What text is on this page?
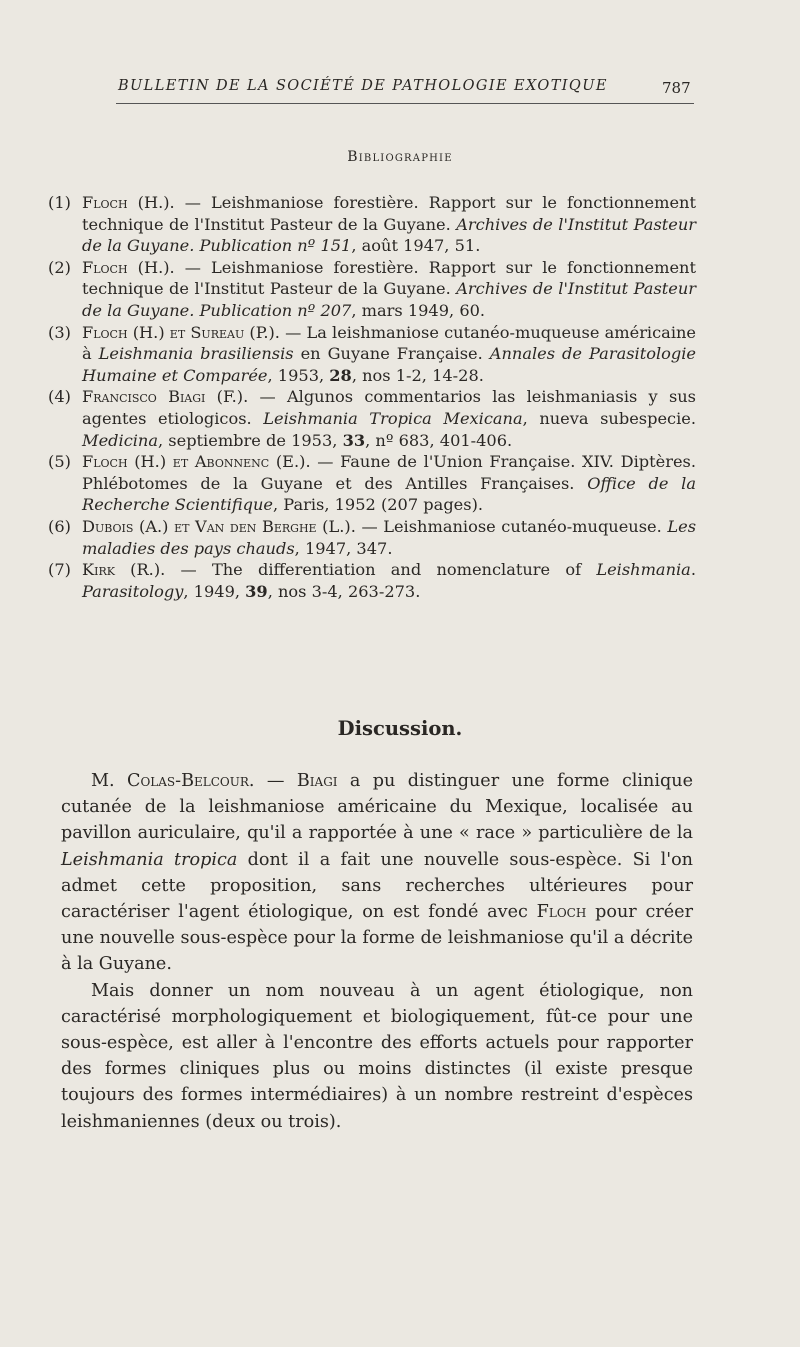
BULLETIN DE LA SOCIÉTÉ DE PATHOLOGIE EXOTIQUE	787
Bibliographie
(1) Floch (H.). — Leishmaniose forestière. Rapport sur le fonctionnement technique de l'Institut Pasteur de la Guyane. Archives de l'Institut Pasteur de la Guyane. Publication nº 151, août 1947, 51.
(2) Floch (H.). — Leishmaniose forestière. Rapport sur le fonctionnement technique de l'Institut Pasteur de la Guyane. Archives de l'Institut Pasteur de la Guyane. Publication nº 207, mars 1949, 60.
(3) Floch (H.) et Sureau (P.). — La leishmaniose cutanéo-muqueuse américaine à Leishmania brasiliensis en Guyane Française. Annales de Parasitologie Humaine et Comparée, 1953, 28, nos 1-2, 14-28.
(4) Francisco Biagi (F.). — Algunos commentarios las leishmaniasis y sus agentes etiologicos. Leishmania Tropica Mexicana, nueva subespecie. Medicina, septiembre de 1953, 33, nº 683, 401-406.
(5) Floch (H.) et Abonnenc (E.). — Faune de l'Union Française. XIV. Diptères. Phlébotomes de la Guyane et des Antilles Françaises. Office de la Recherche Scientifique, Paris, 1952 (207 pages).
(6) Dubois (A.) et Van den Berghe (L.). — Leishmaniose cutanéo-muqueuse. Les maladies des pays chauds, 1947, 347.
(7) Kirk (R.). — The differentiation and nomenclature of Leishmania. Parasitology, 1949, 39, nos 3-4, 263-273.
Discussion.

M. Colas-Belcour. — Biagi a pu distinguer une forme clinique cutanée de la leishmaniose américaine du Mexique, localisée au pavillon auriculaire, qu'il a rapportée à une « race » particulière de la Leishmania tropica dont il a fait une nouvelle sous-espèce. Si l'on admet cette proposition, sans recherches ultérieures pour caractériser l'agent étiologique, on est fondé avec Floch pour créer une nouvelle sous-espèce pour la forme de leishmaniose qu'il a décrite à la Guyane.

Mais donner un nom nouveau à un agent étiologique, non caractérisé morphologiquement et biologiquement, fût-ce pour une sous-espèce, est aller à l'encontre des efforts actuels pour rapporter des formes cliniques plus ou moins distinctes (il existe presque toujours des formes intermédiaires) à un nombre restreint d'espèces leishmaniennes (deux ou trois).
